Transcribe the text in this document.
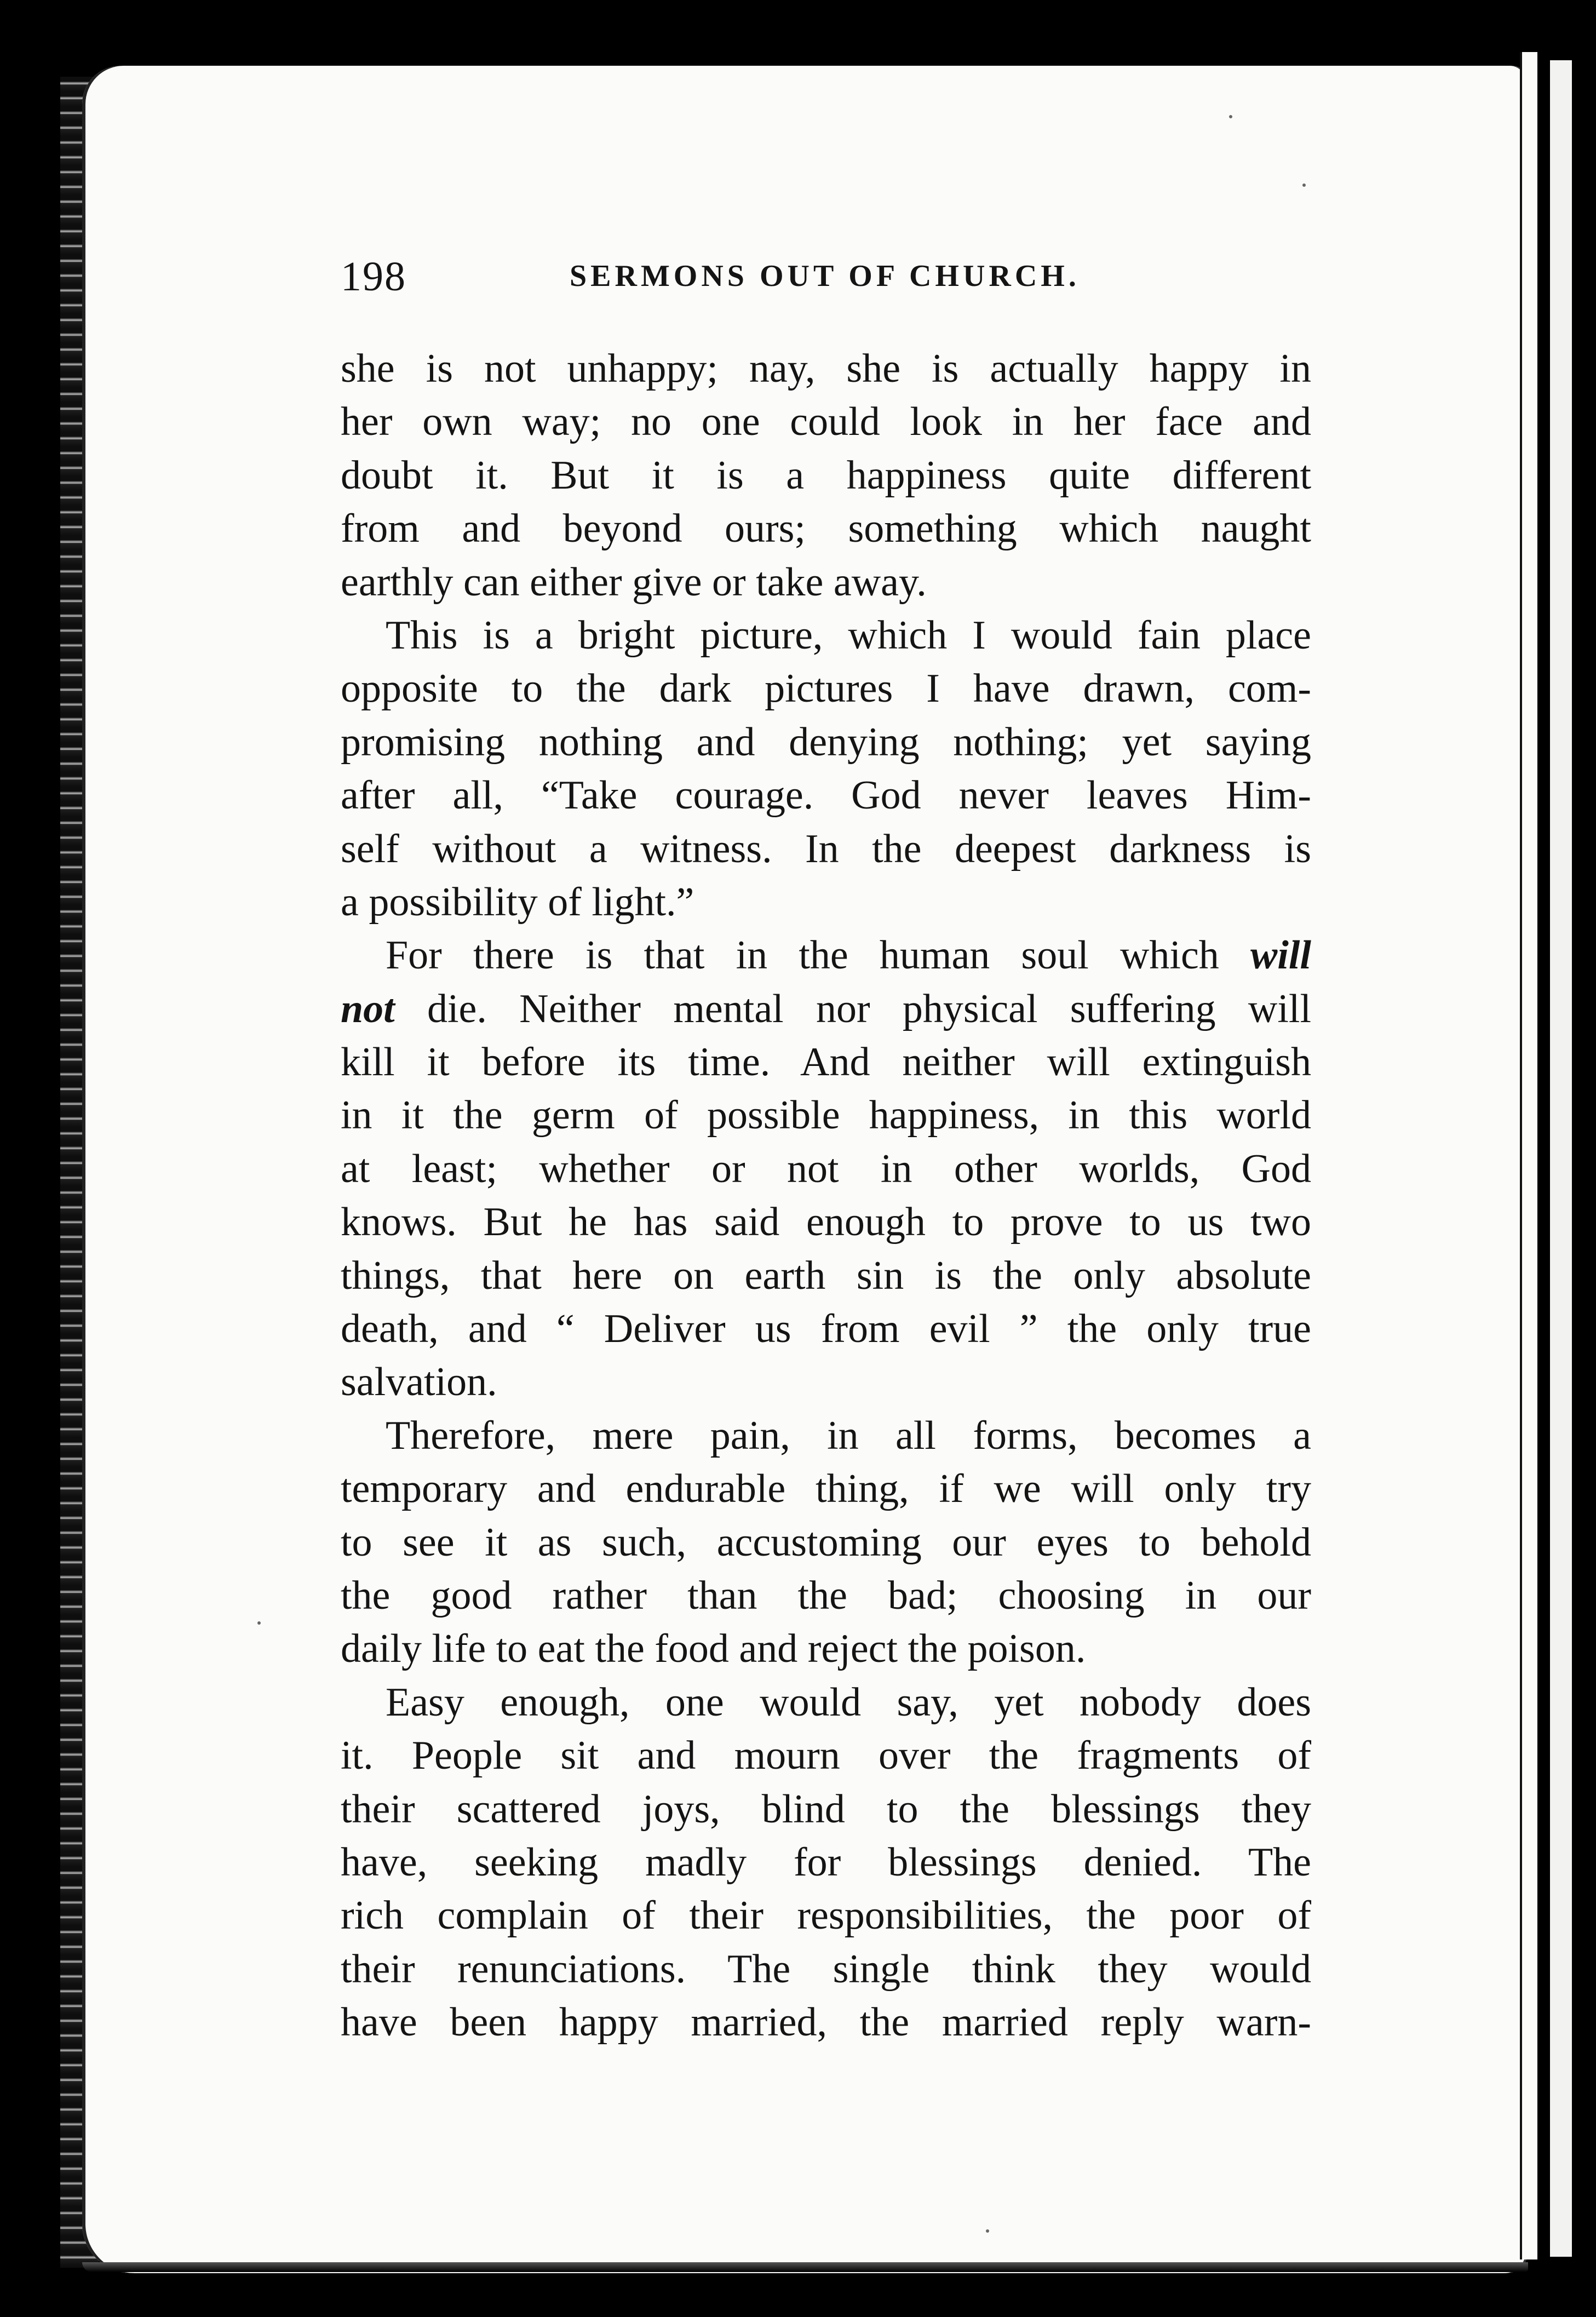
198	SERMONS OUT OF CHURCH.
she is not unhappy; nay, she is actually happy in
her own way; no one could look in her face and
doubt it. But it is a happiness quite different
from and beyond ours; something which naught
earthly can either give or take away.
This is a bright picture, which I would fain place
opposite to the dark pictures I have drawn, com-
promising nothing and denying nothing; yet saying
after all, “Take courage. God never leaves Him-
self without a witness. In the deepest darkness is
a possibility of light.”
For there is that in the human soul which will
not die. Neither mental nor physical suffering will
kill it before its time. And neither will extinguish
in it the germ of possible happiness, in this world
at least; whether or not in other worlds, God
knows. But he has said enough to prove to us two
things, that here on earth sin is the only absolute
death, and “ Deliver us from evil ” the only true
salvation.
Therefore, mere pain, in all forms, becomes a
temporary and endurable thing, if we will only try
to see it as such, accustoming our eyes to behold
the good rather than the bad; choosing in our
daily life to eat the food and reject the poison.
Easy enough, one would say, yet nobody does
it. People sit and mourn over the fragments of
their scattered joys, blind to the blessings they
have, seeking madly for blessings denied. The
rich complain of their responsibilities, the poor of
their renunciations. The single think they would
have been happy married, the married reply warn-
